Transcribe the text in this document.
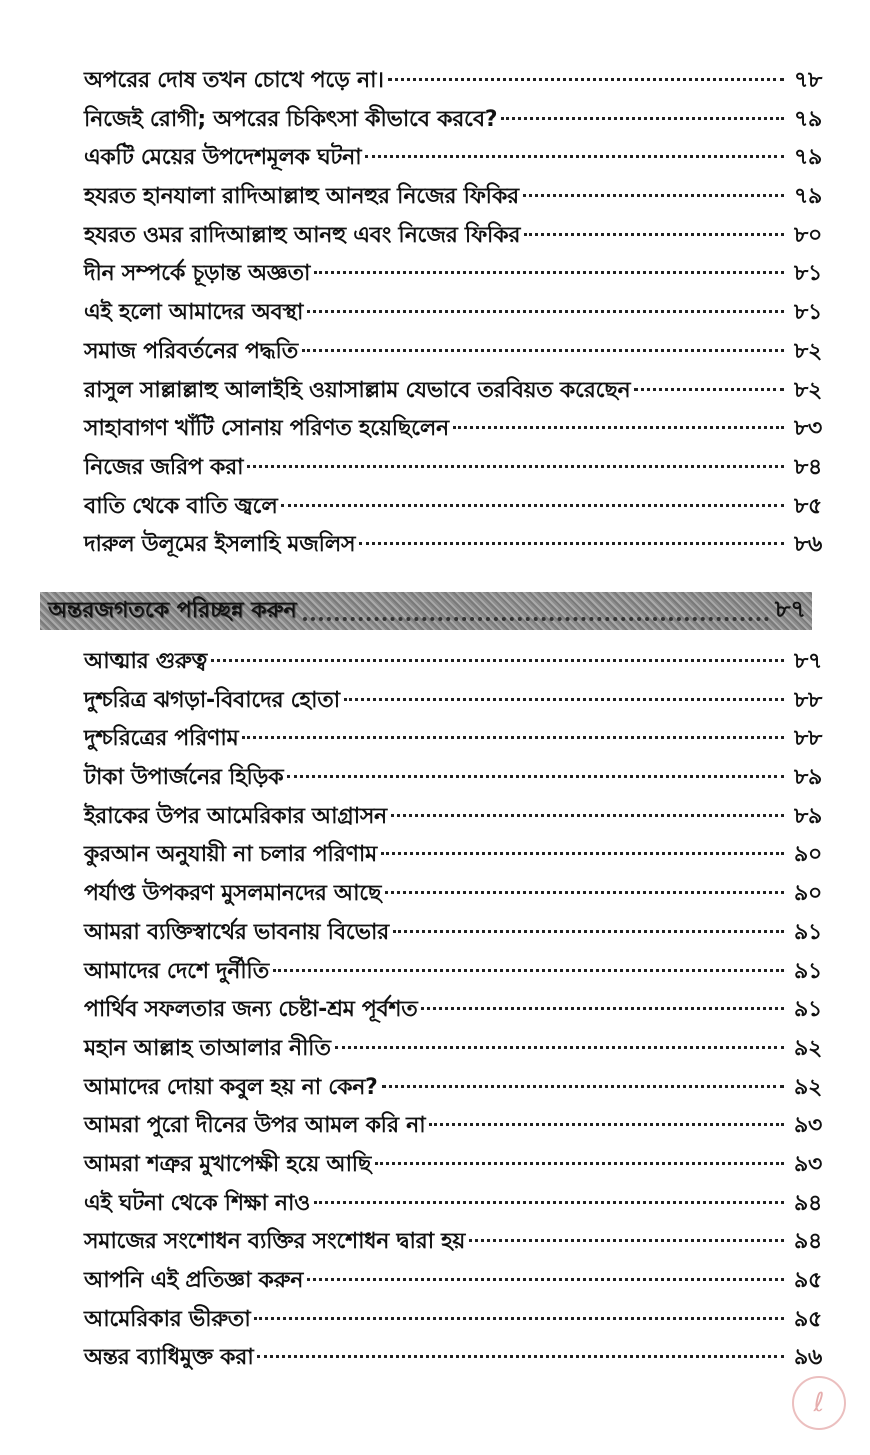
অপরের দোষ তখন চোখে পড়ে না।	৭৮
নিজেই রোগী; অপরের চিকিৎসা কীভাবে করবে?	৭৯
একটি মেয়ের উপদেশমূলক ঘটনা	৭৯
হযরত হানযালা রাদিআল্লাহু আনহুর নিজের ফিকির	৭৯
হযরত ওমর রাদিআল্লাহু আনহু এবং নিজের ফিকির	৮০
দীন সম্পর্কে চূড়ান্ত অজ্ঞতা	৮১
এই হলো আমাদের অবস্থা	৮১
সমাজ পরিবর্তনের পদ্ধতি	৮২
রাসুল সাল্লাল্লাহু আলাইহি ওয়াসাল্লাম যেভাবে তরবিয়ত করেছেন	৮২
সাহাবাগণ খাঁটি সোনায় পরিণত হয়েছিলেন	৮৩
নিজের জরিপ করা	৮৪
বাতি থেকে বাতি জ্বলে	৮৫
দারুল উলূমের ইসলাহি মজলিস	৮৬
অন্তরজগতকে পরিচ্ছন্ন করুন	৮৭
আত্মার গুরুত্ব	৮৭
দুশ্চরিত্র ঝগড়া-বিবাদের হোতা	৮৮
দুশ্চরিত্রের পরিণাম	৮৮
টাকা উপার্জনের হিড়িক	৮৯
ইরাকের উপর আমেরিকার আগ্রাসন	৮৯
কুরআন অনুযায়ী না চলার পরিণাম	৯০
পর্যাপ্ত উপকরণ মুসলমানদের আছে	৯০
আমরা ব্যক্তিস্বার্থের ভাবনায় বিভোর	৯১
আমাদের দেশে দুর্নীতি	৯১
পার্থিব সফলতার জন্য চেষ্টা-শ্রম পূর্বশত	৯১
মহান আল্লাহ তাআলার নীতি	৯২
আমাদের দোয়া কবুল হয় না কেন?	৯২
আমরা পুরো দীনের উপর আমল করি না	৯৩
আমরা শত্রুর মুখাপেক্ষী হয়ে আছি	৯৩
এই ঘটনা থেকে শিক্ষা নাও	৯৪
সমাজের সংশোধন ব্যক্তির সংশোধন দ্বারা হয়	৯৪
আপনি এই প্রতিজ্ঞা করুন	৯৫
আমেরিকার ভীরুতা	৯৫
অন্তর ব্যাধিমুক্ত করা	৯৬
ℓ
